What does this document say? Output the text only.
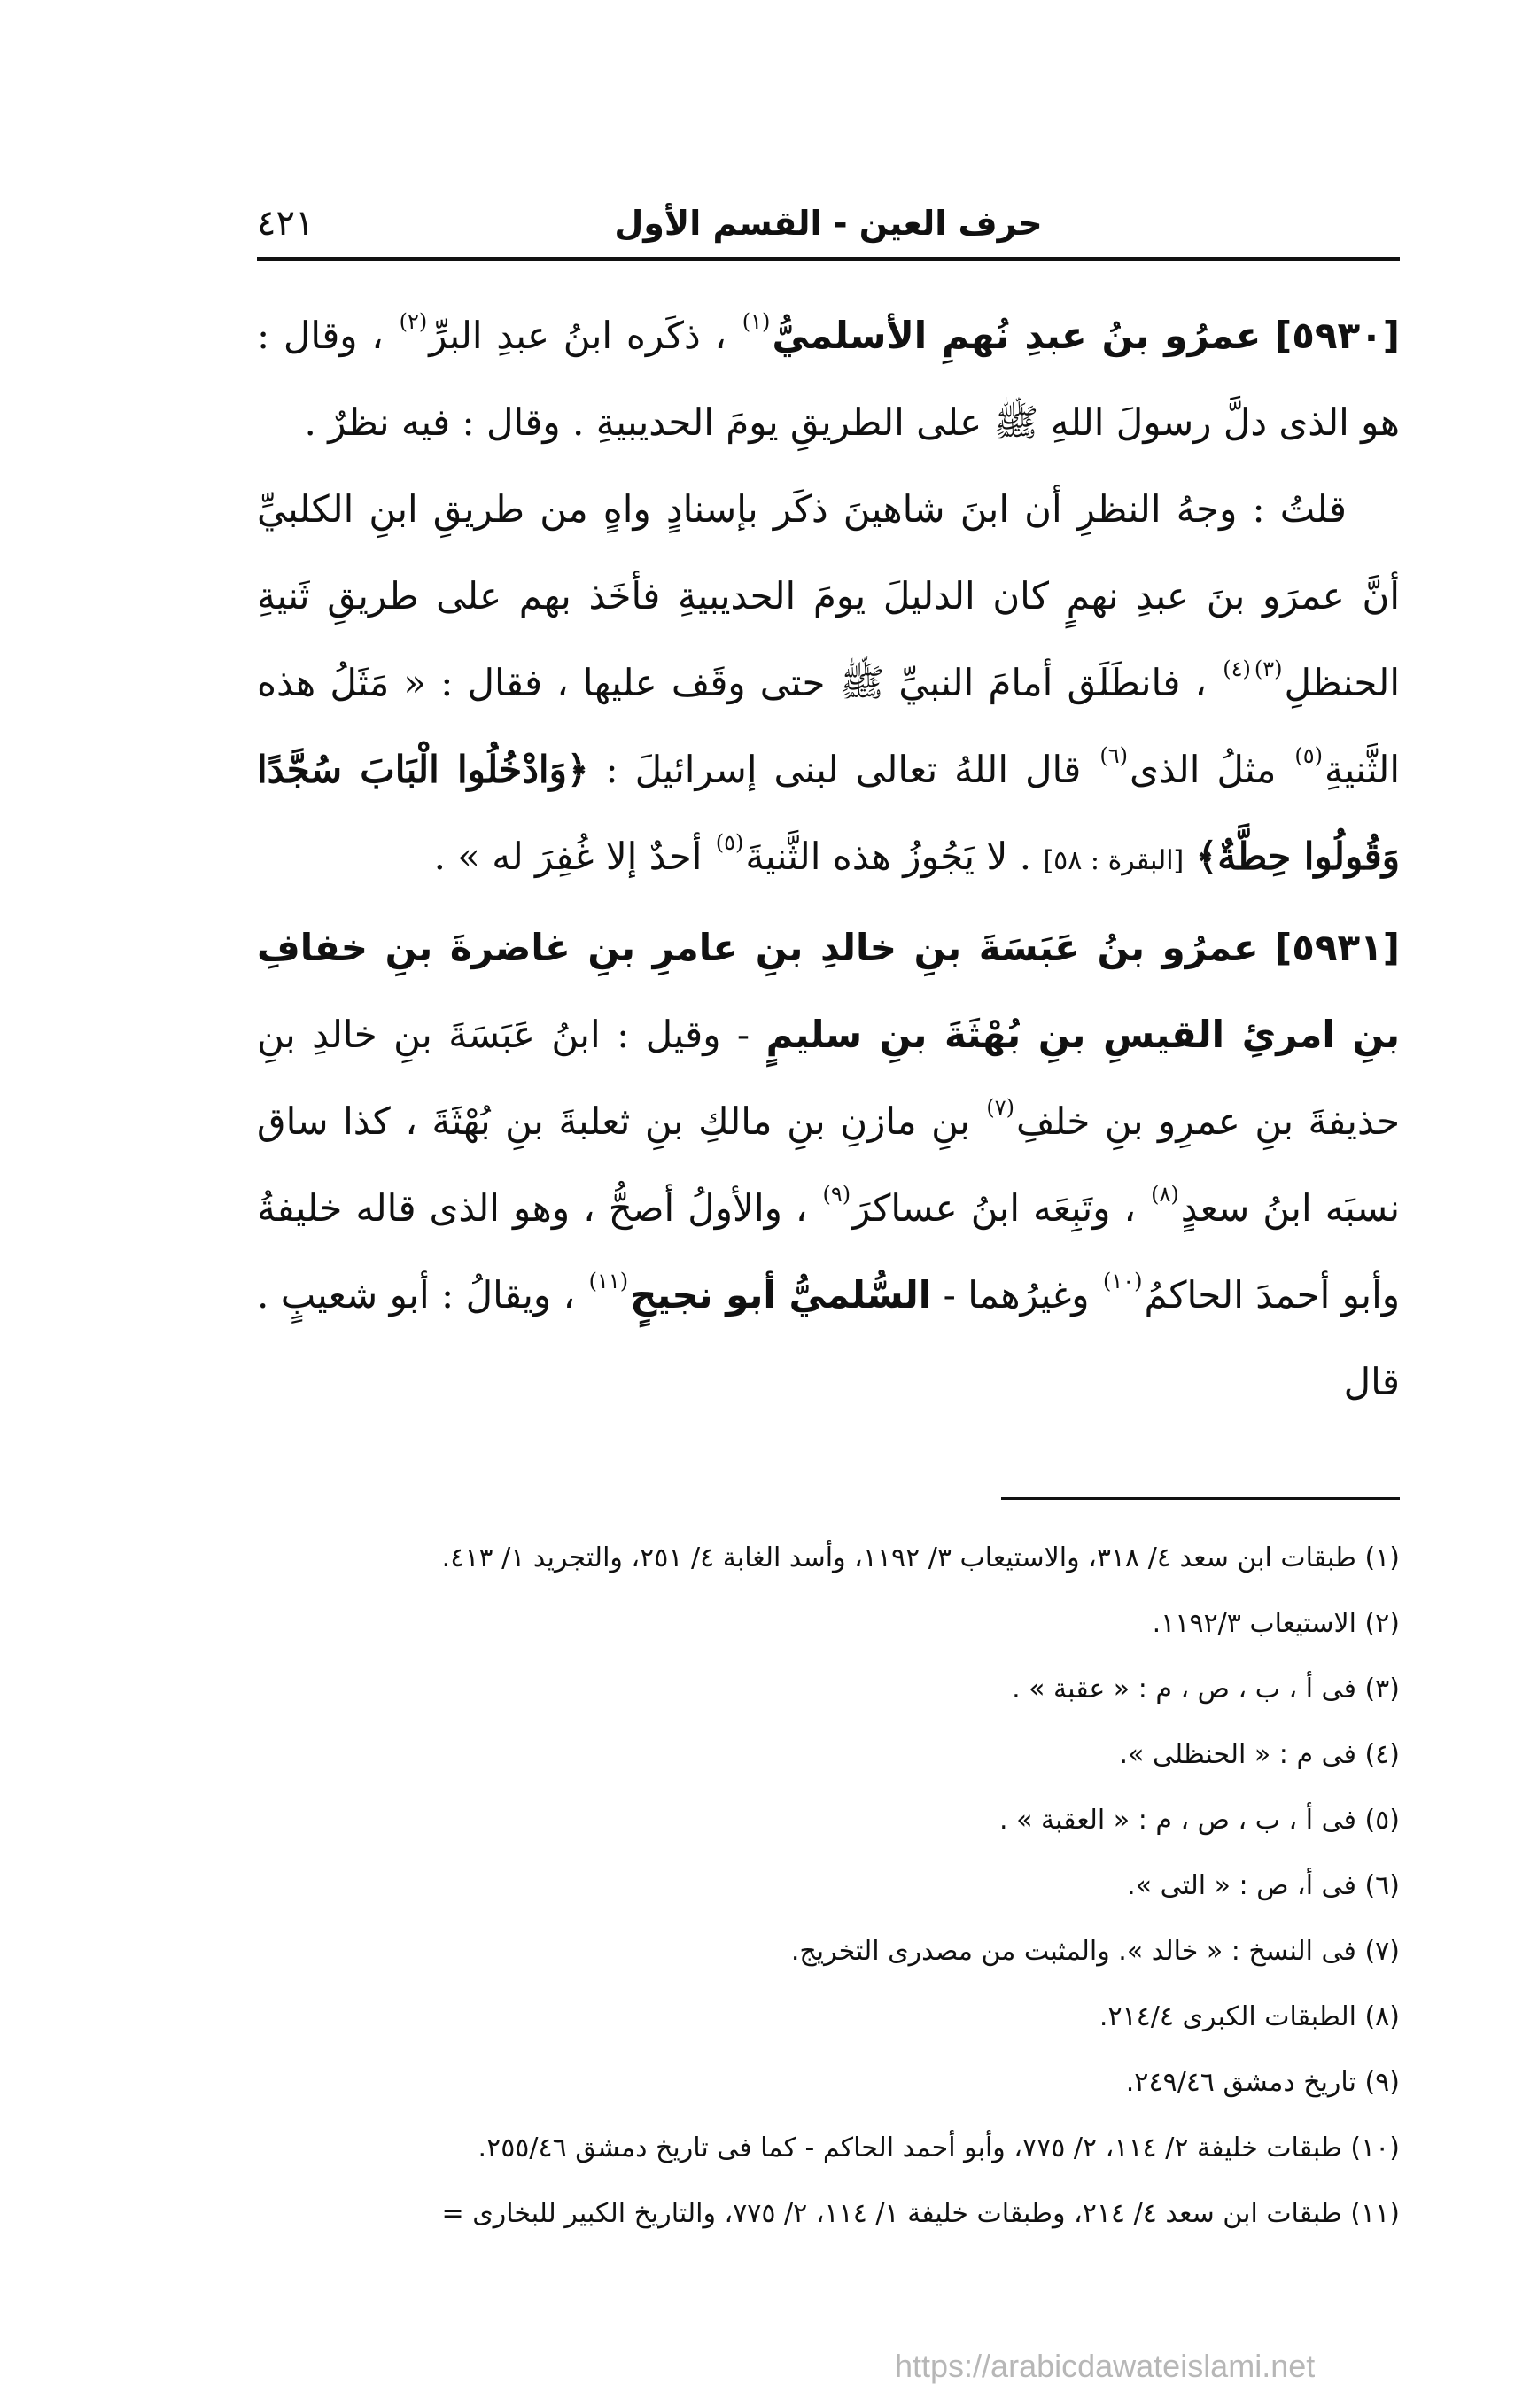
حرف العين - القسم الأول
٤٢١

[٥٩٣٠] عمرُو بنُ عبدِ نُهمِ الأسلميُّ$^{(١)}$ ، ذكَره ابنُ عبدِ البرِّ$^{(٢)}$ ، وقال : هو الذى دلَّ رسولَ اللهِ ﷺ على الطريقِ يومَ الحديبيةِ . وقال : فيه نظرٌ .

قلتُ : وجهُ النظرِ أن ابنَ شاهينَ ذكَر بإسنادٍ واهٍ من طريقِ ابنِ الكلبيِّ أنَّ عمرَو بنَ عبدِ نهمٍ كان الدليلَ يومَ الحديبيةِ فأخَذ بهم على طريقِ ثَنيةِ الحنظلِ$^{(٣)(٤)}$ ، فانطَلَق أمامَ النبيِّ ﷺ حتى وقَف عليها ، فقال : « مَثَلُ هذه الثَّنيةِ$^{(٥)}$ مثلُ الذى$^{(٦)}$ قال اللهُ تعالى لبنى إسرائيلَ : ﴿وَادْخُلُوا الْبَابَ سُجَّدًا وَقُولُوا حِطَّةٌ﴾ [البقرة : ٥٨] . لا يَجُوزُ هذه الثَّنيةَ$^{(٥)}$ أحدٌ إلا غُفِرَ له » .

[٥٩٣١] عمرُو بنُ عَبَسَةَ بنِ خالدِ بنِ عامرِ بنِ غاضرةَ بنِ خفافِ بنِ امرئِ القيسِ بنِ بُهْثَةَ بنِ سليمٍ - وقيل : ابنُ عَبَسَةَ بنِ خالدِ بنِ حذيفةَ بنِ عمرِو بنِ خلفِ$^{(٧)}$ بنِ مازنِ بنِ مالكِ بنِ ثعلبةَ بنِ بُهْثَةَ ، كذا ساق نسبَه ابنُ سعدٍ$^{(٨)}$ ، وتَبِعَه ابنُ عساكرَ$^{(٩)}$ ، والأولُ أصحُّ ، وهو الذى قاله خليفةُ وأبو أحمدَ الحاكمُ$^{(١٠)}$ وغيرُهما - السُّلميُّ أبو نجيحٍ$^{(١١)}$ ، ويقالُ : أبو شعيبٍ . قال

(١) طبقات ابن سعد ٤/ ٣١٨، والاستيعاب ٣/ ١١٩٢، وأسد الغابة ٤/ ٢٥١، والتجريد ١/ ٤١٣.
(٢) الاستيعاب ١١٩٢/٣.
(٣) فى أ ، ب ، ص ، م : « عقبة » .
(٤) فى م : « الحنظلى ».
(٥) فى أ ، ب ، ص ، م : « العقبة » .
(٦) فى أ، ص : « التى ».
(٧) فى النسخ : « خالد ». والمثبت من مصدرى التخريج.
(٨) الطبقات الكبرى ٢١٤/٤.
(٩) تاريخ دمشق ٢٤٩/٤٦.
(١٠) طبقات خليفة ٢/ ١١٤، ٢/ ٧٧٥، وأبو أحمد الحاكم - كما فى تاريخ دمشق ٢٥٥/٤٦.
(١١) طبقات ابن سعد ٤/ ٢١٤، وطبقات خليفة ١/ ١١٤، ٢/ ٧٧٥، والتاريخ الكبير للبخارى =
https://arabicdawateislami.net
